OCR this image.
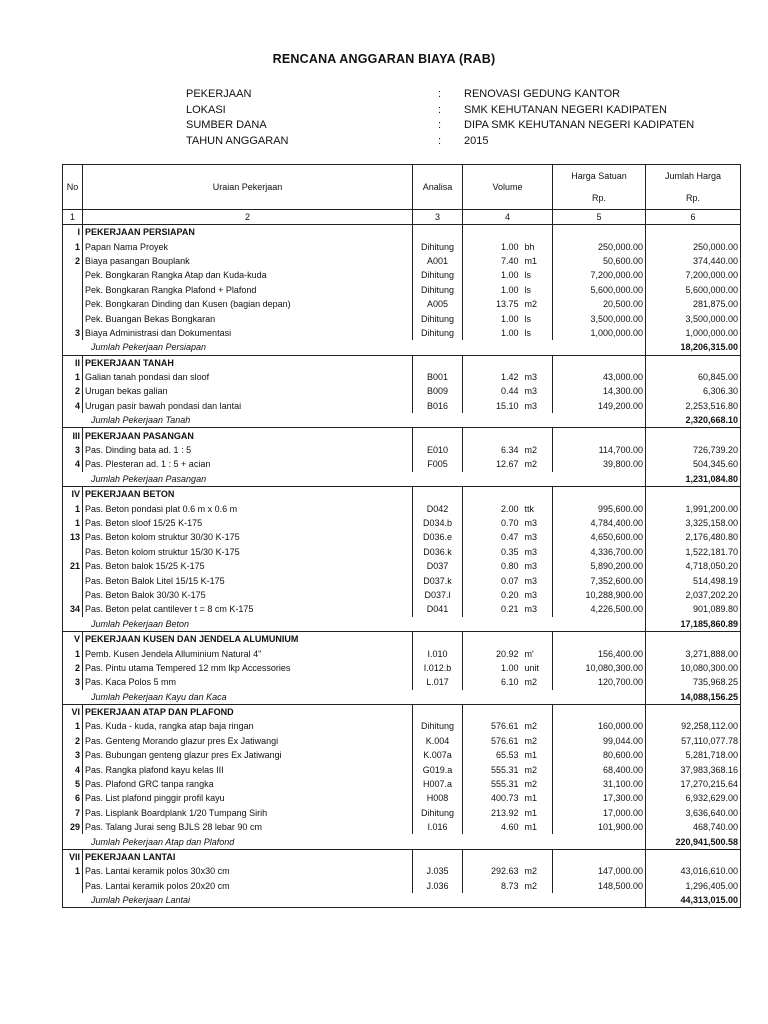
RENCANA ANGGARAN BIAYA (RAB)
PEKERJAAN	: RENOVASI GEDUNG KANTOR
LOKASI	: SMK KEHUTANAN NEGERI KADIPATEN
SUMBER DANA	: DIPA SMK KEHUTANAN NEGERI KADIPATEN
TAHUN ANGGARAN	: 2015
No	Uraian Pekerjaan	Analisa	Volume		Harga Satuan	Jumlah Harga
					Rp.	Rp.
1	2	3	4		5	6
I	PEKERJAAN PERSIAPAN					
1	Papan Nama Proyek	Dihitung	1.00	bh	250,000.00	250,000.00
2	Biaya pasangan Bouplank	A001	7.40	m1	50,600.00	374,440.00
	Pek. Bongkaran Rangka Atap dan Kuda-kuda	Dihitung	1.00	ls	7,200,000.00	7,200,000.00
	Pek. Bongkaran Rangka Plafond + Plafond	Dihitung	1.00	ls	5,600,000.00	5,600,000.00
	Pek. Bongkaran Dinding dan Kusen (bagian depan)	A005	13.75	m2	20,500.00	281,875.00
	Pek. Buangan Bekas Bongkaran	Dihitung	1.00	ls	3,500,000.00	3,500,000.00
3	Biaya Administrasi dan Dokumentasi	Dihitung	1.00	ls	1,000,000.00	1,000,000.00
Jumlah Pekerjaan Persiapan						18,206,315.00
II	PEKERJAAN TANAH					
1	Galian tanah pondasi dan sloof	B001	1.42	m3	43,000.00	60,845.00
2	Urugan bekas galian	B009	0.44	m3	14,300.00	6,306.30
4	Urugan pasir bawah pondasi dan lantai	B016	15.10	m3	149,200.00	2,253,516.80
Jumlah Pekerjaan Tanah						2,320,668.10
III	PEKERJAAN PASANGAN					
3	Pas. Dinding bata ad. 1 : 5	E010	6.34	m2	114,700.00	726,739.20
4	Pas. Plesteran ad. 1 : 5 + acian	F005	12.67	m2	39,800.00	504,345.60
Jumlah Pekerjaan Pasangan						1,231,084.80
IV	PEKERJAAN BETON					
1	Pas. Beton pondasi plat 0.6 m x 0.6 m	D042	2.00	ttk	995,600.00	1,991,200.00
1	Pas. Beton sloof 15/25 K-175	D034.b	0.70	m3	4,784,400.00	3,325,158.00
13	Pas. Beton kolom struktur 30/30 K-175	D036.e	0.47	m3	4,650,600.00	2,176,480.80
	Pas. Beton kolom struktur 15/30 K-175	D036.k	0.35	m3	4,336,700.00	1,522,181.70
21	Pas. Beton balok 15/25 K-175	D037	0.80	m3	5,890,200.00	4,718,050.20
	Pas. Beton Balok Litel 15/15 K-175	D037.k	0.07	m3	7,352,600.00	514,498.19
	Pas. Beton Balok 30/30 K-175	D037.l	0.20	m3	10,288,900.00	2,037,202.20
34	Pas. Beton pelat cantilever t = 8 cm K-175	D041	0.21	m3	4,226,500.00	901,089.80
Jumlah Pekerjaan Beton						17,185,860.89
V	PEKERJAAN KUSEN DAN JENDELA ALUMUNIUM					
1	Pemb. Kusen Jendela Alluminium Natural 4"	I.010	20.92	m'	156,400.00	3,271,888.00
2	Pas. Pintu utama Tempered 12 mm lkp Accessories	I.012.b	1.00	unit	10,080,300.00	10,080,300.00
3	Pas. Kaca Polos 5 mm	L.017	6.10	m2	120,700.00	735,968.25
Jumlah Pekerjaan Kayu dan Kaca						14,088,156.25
VI	PEKERJAAN ATAP DAN PLAFOND					
1	Pas. Kuda - kuda, rangka atap baja ringan	Dihitung	576.61	m2	160,000.00	92,258,112.00
2	Pas. Genteng Morando glazur pres Ex Jatiwangi	K.004	576.61	m2	99,044.00	57,110,077.78
3	Pas. Bubungan genteng glazur pres Ex Jatiwangi	K.007a	65.53	m1	80,600.00	5,281,718.00
4	Pas. Rangka plafond kayu kelas III	G019.a	555.31	m2	68,400.00	37,983,368.16
5	Pas. Plafond GRC tanpa rangka	H007.a	555.31	m2	31,100.00	17,270,215.64
6	Pas. List plafond pinggir profil kayu	H008	400.73	m1	17,300.00	6,932,629.00
7	Pas. Lisplank Boardplank 1/20 Tumpang Sirih	Dihitung	213.92	m1	17,000.00	3,636,640.00
29	Pas. Talang Jurai seng BJLS 28 lebar 90 cm	I.016	4.60	m1	101,900.00	468,740.00
Jumlah Pekerjaan Atap dan Plafond						220,941,500.58
VII	PEKERJAAN LANTAI					
1	Pas. Lantai keramik polos 30x30 cm	J.035	292.63	m2	147,000.00	43,016,610.00
	Pas. Lantai keramik polos 20x20 cm	J.036	8.73	m2	148,500.00	1,296,405.00
Jumlah Pekerjaan Lantai						44,313,015.00
